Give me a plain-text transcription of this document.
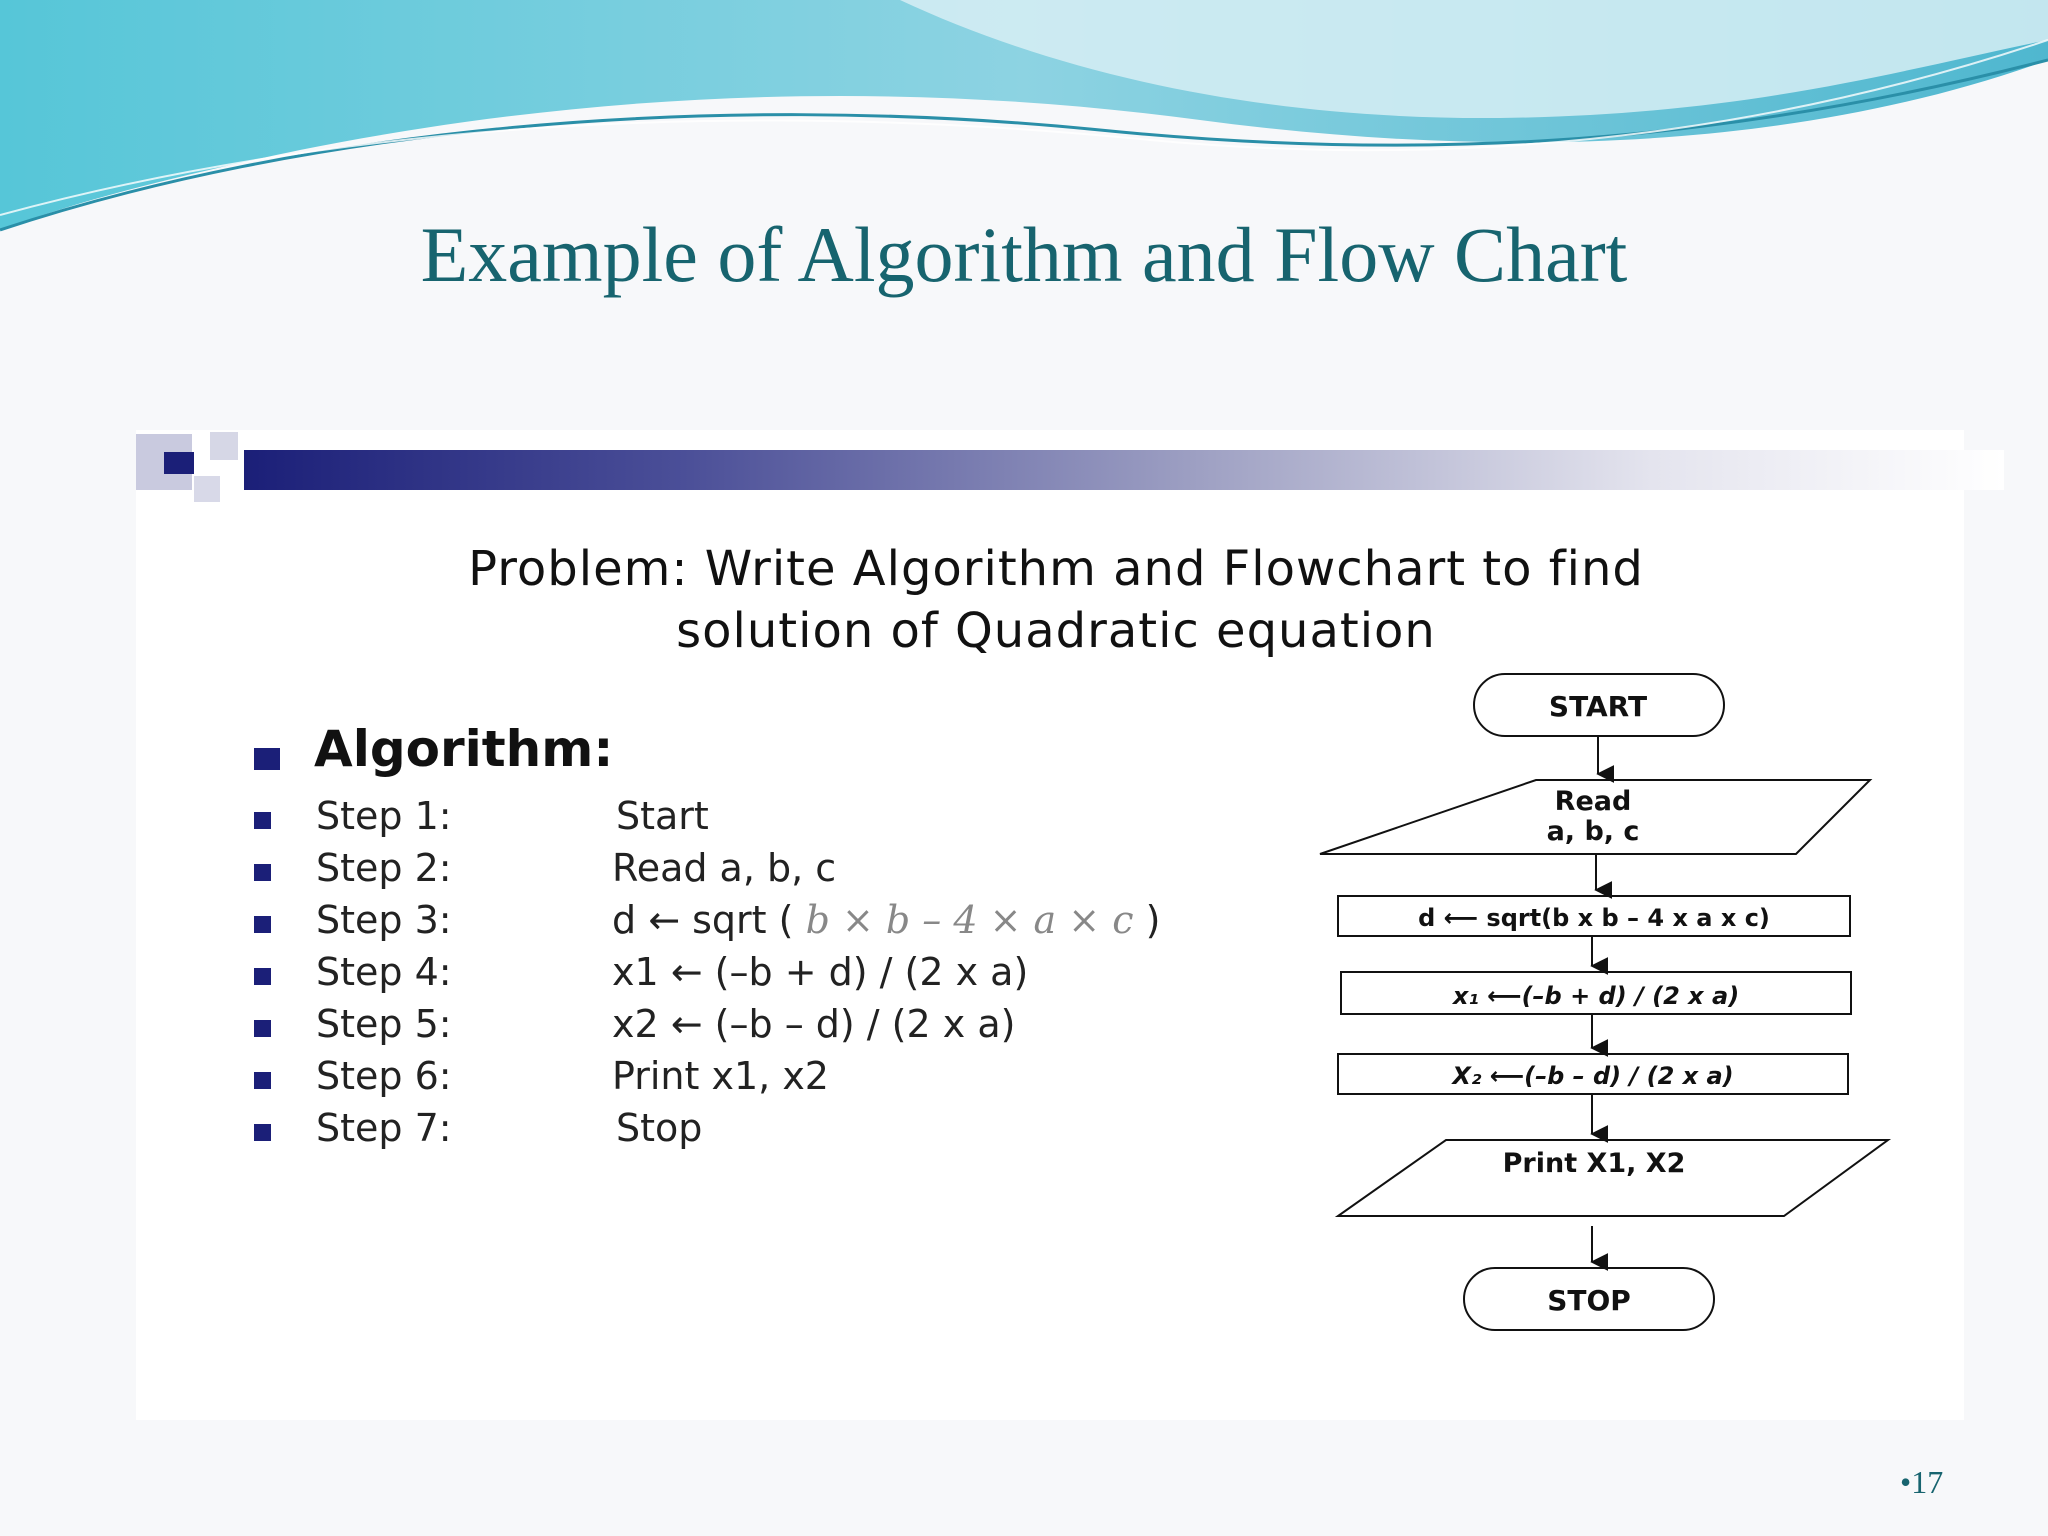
Example of Algorithm and Flow Chart
Problem: Write Algorithm and Flowchart to find
solution of Quadratic equation
Algorithm:
Step 1:	Start
Step 2:	Read a, b, c
Step 3:	d ← sqrt ( b × b – 4 × a × c )
Step 4:	x1 ← (–b + d) / (2 x a)
Step 5:	x2 ← (–b – d) / (2 x a)
Step 6:	Print x1, x2
Step 7:	Stop
START
Read
a, b, c
d ⟵ sqrt(b x b – 4 x a x c)
x₁ ⟵(–b + d) / (2 x a)
X₂ ⟵(–b – d) / (2 x a)
Print X1, X2
STOP
•17
